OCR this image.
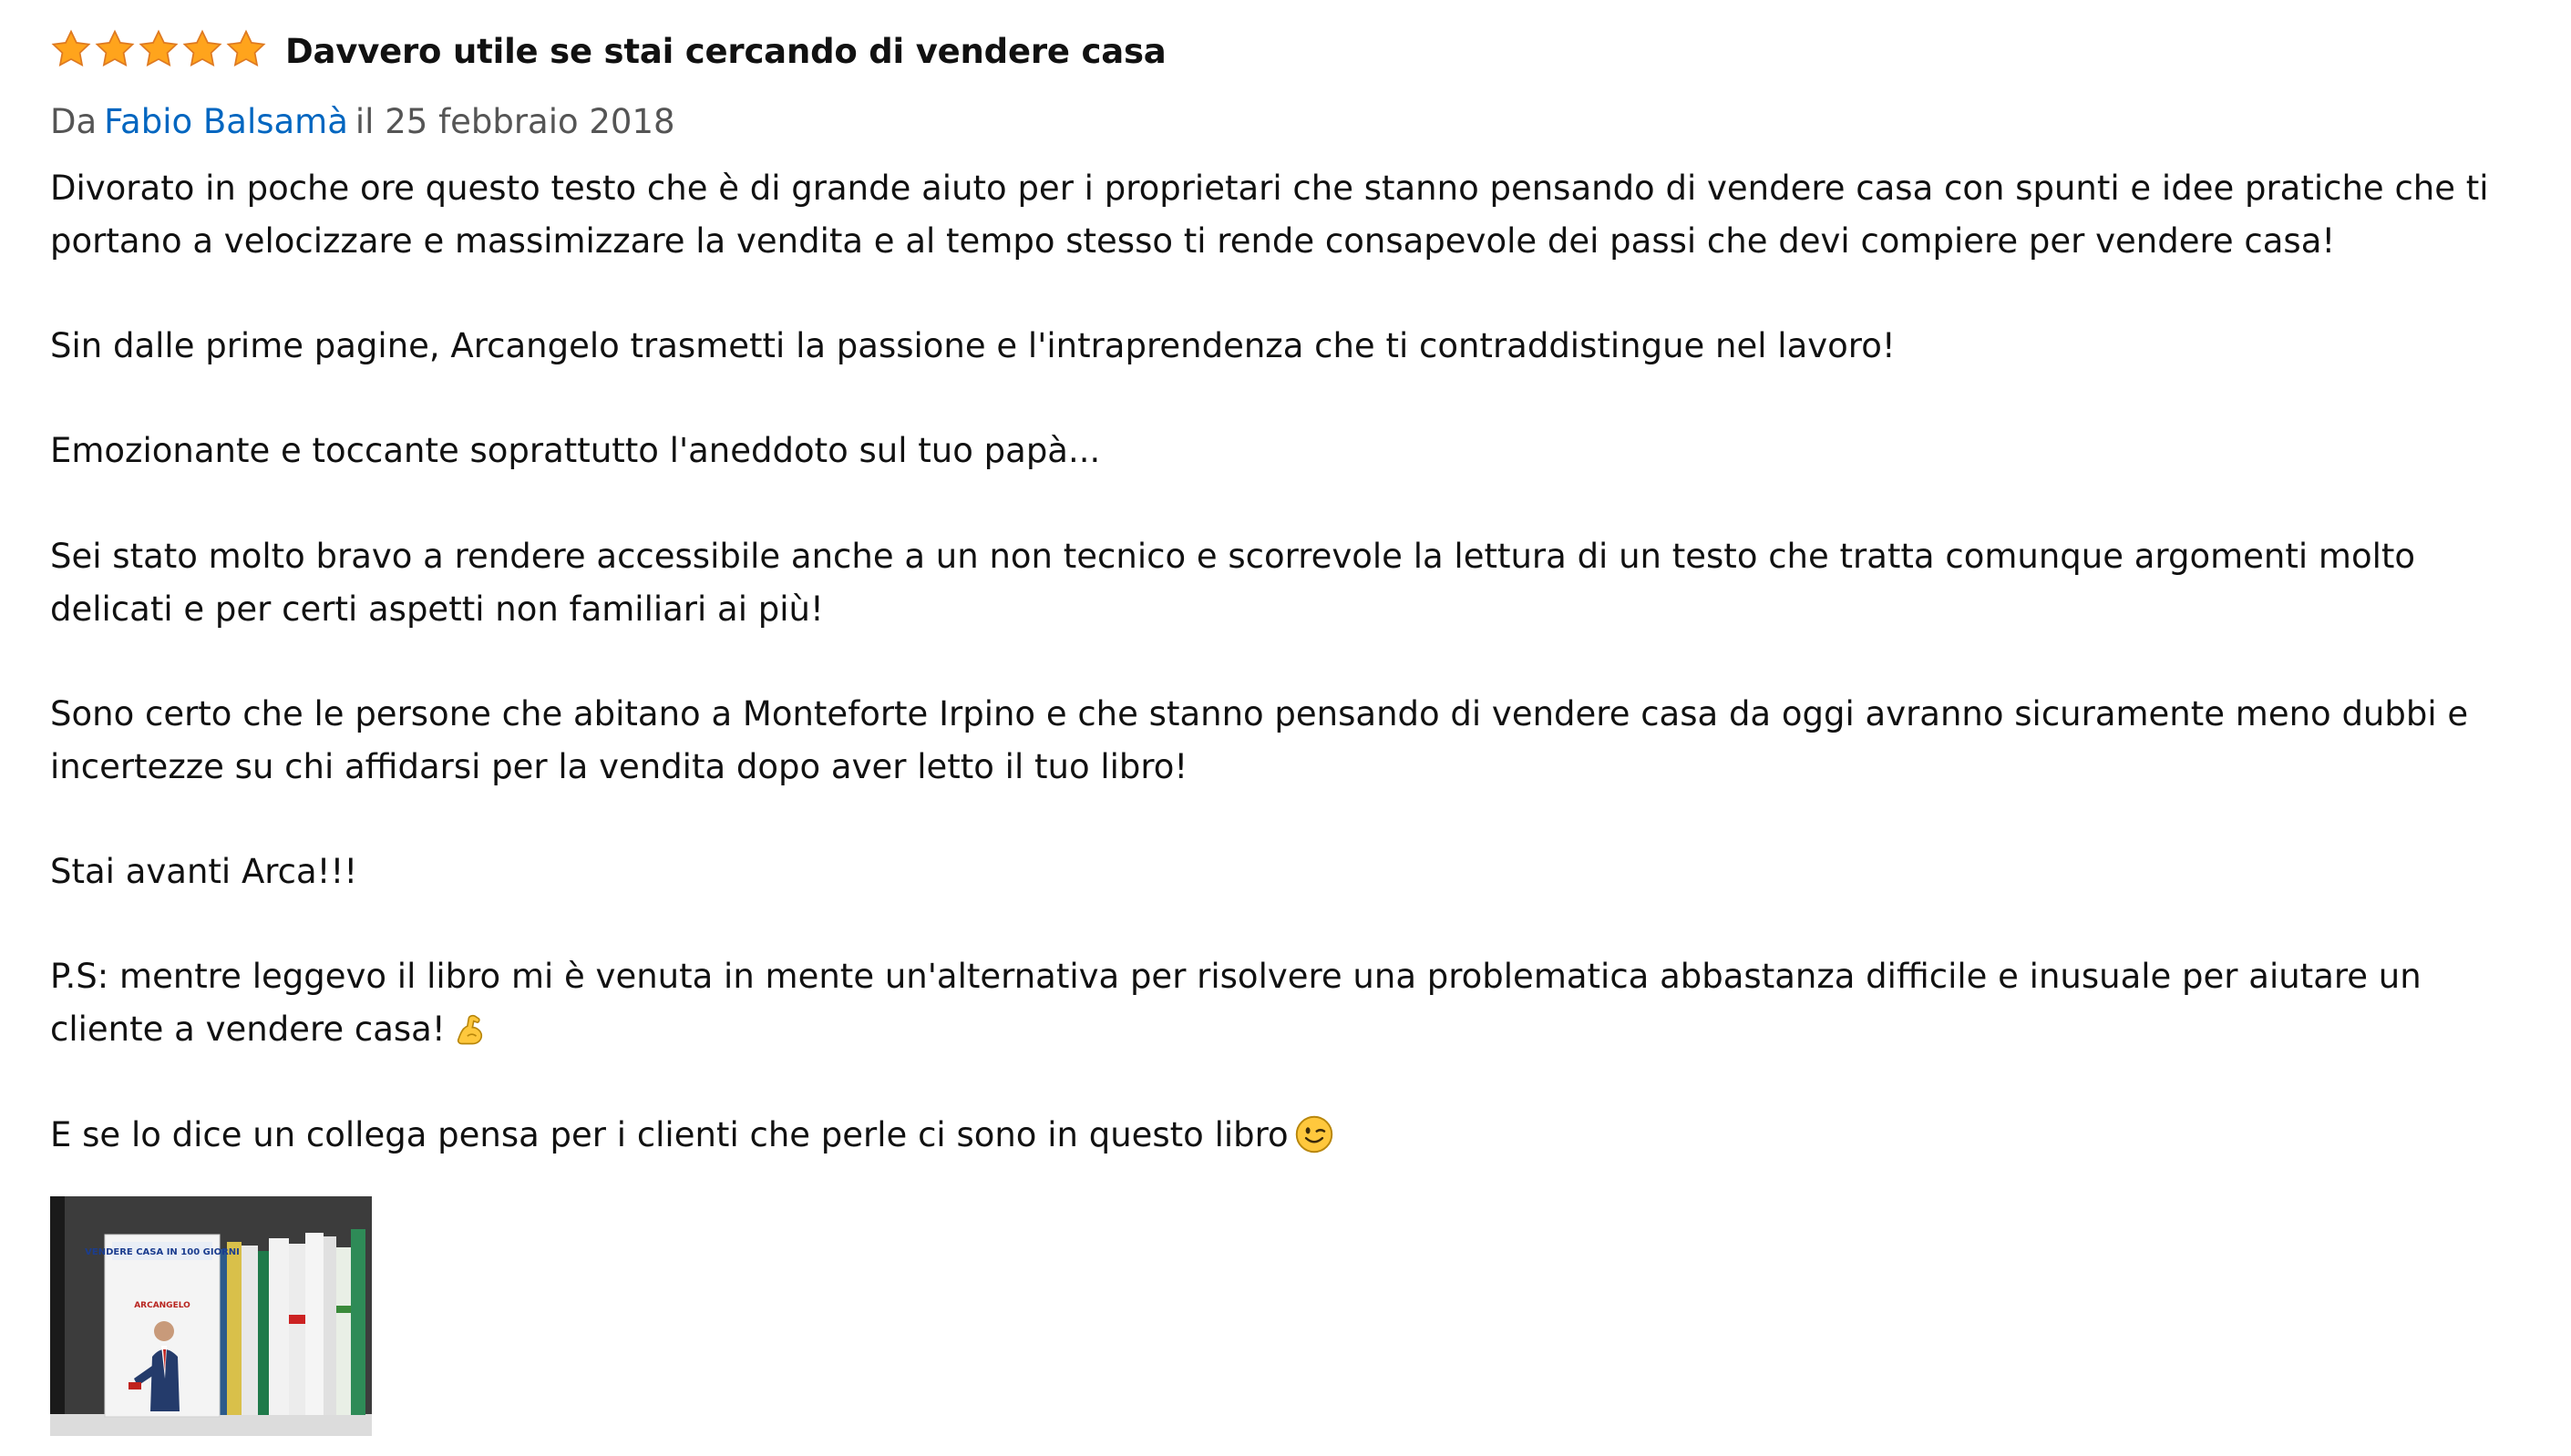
Davvero utile se stai cercando di vendere casa
Da Fabio Balsamà il 25 febbraio 2018

Divorato in poche ore questo testo che è di grande aiuto per i proprietari che stanno pensando di vendere casa con spunti e idee pratiche che ti portano a velocizzare e massimizzare la vendita e al tempo stesso ti rende consapevole dei passi che devi compiere per vendere casa!

Sin dalle prime pagine, Arcangelo trasmetti la passione e l'intraprendenza che ti contraddistingue nel lavoro!

Emozionante e toccante soprattutto l'aneddoto sul tuo papà...

Sei stato molto bravo a rendere accessibile anche a un non tecnico e scorrevole la lettura di un testo che tratta comunque argomenti molto delicati e per certi aspetti non familiari ai più!

Sono certo che le persone che abitano a Monteforte Irpino e che stanno pensando di vendere casa da oggi avranno sicuramente meno dubbi e incertezze su chi affidarsi per la vendita dopo aver letto il tuo libro!

Stai avanti Arca!!!

P.S: mentre leggevo il libro mi è venuta in mente un'alternativa per risolvere una problematica abbastanza difficile e inusuale per aiutare un cliente a vendere casa!

E se lo dice un collega pensa per i clienti che perle ci sono in questo libro

VENDERE CASA IN 100 GIORNI
ARCANGELO
